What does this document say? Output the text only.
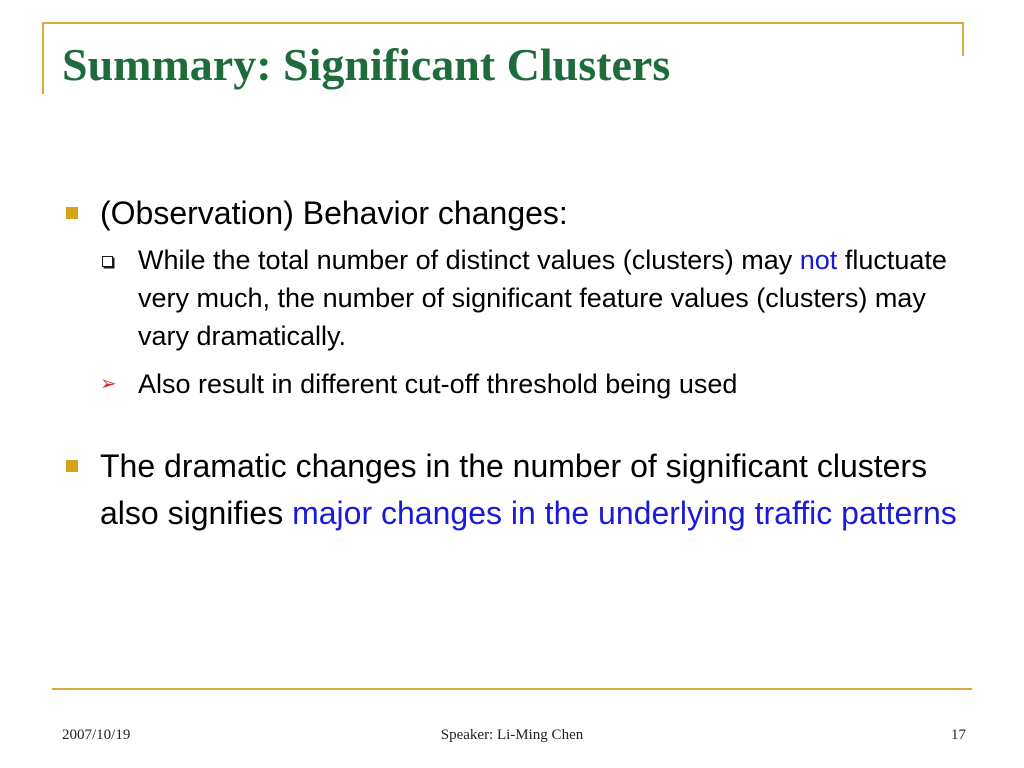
Summary: Significant Clusters
(Observation) Behavior changes:
While the total number of distinct values (clusters) may not fluctuate very much, the number of significant feature values (clusters) may vary dramatically.
➢ Also result in different cut-off threshold being used
The dramatic changes in the number of significant clusters also signifies major changes in the underlying traffic patterns
2007/10/19	Speaker: Li-Ming Chen	17
